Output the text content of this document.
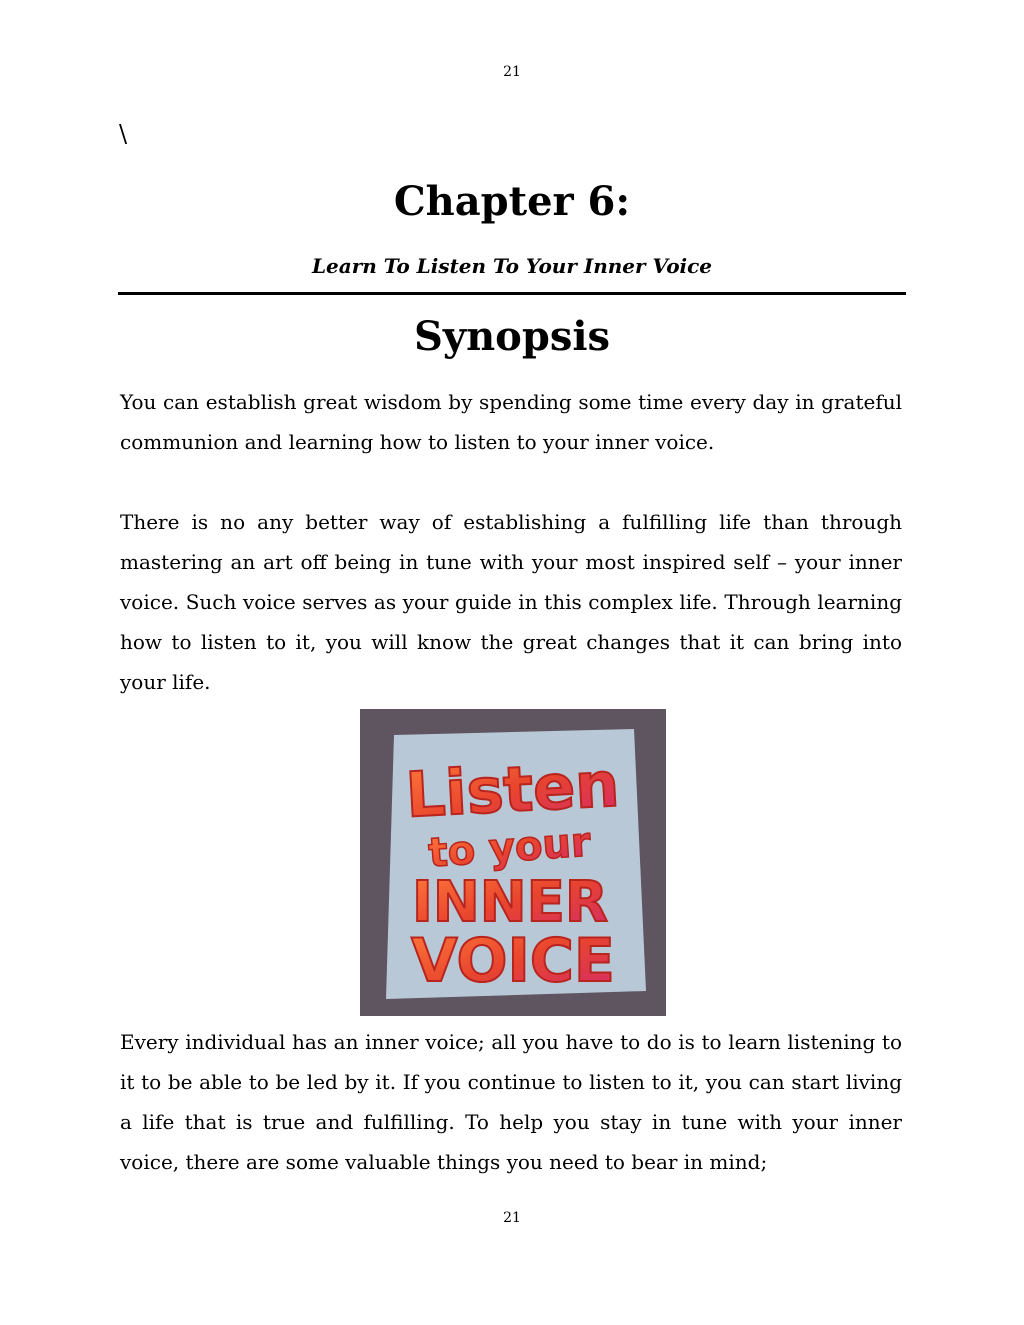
21
\
Chapter 6:

Learn To Listen To Your Inner Voice

Synopsis

You can establish great wisdom by spending some time every day in grateful communion and learning how to listen to your inner voice.

There is no any better way of establishing a fulfilling life than through mastering an art off being in tune with your most inspired self – your inner voice. Such voice serves as your guide in this complex life. Through learning how to listen to it, you will know the great changes that it can bring into your life.

Listen
to your
INNER
VOICE

Every individual has an inner voice; all you have to do is to learn listening to it to be able to be led by it. If you continue to listen to it, you can start living a life that is true and fulfilling. To help you stay in tune with your inner voice, there are some valuable things you need to bear in mind;

21
